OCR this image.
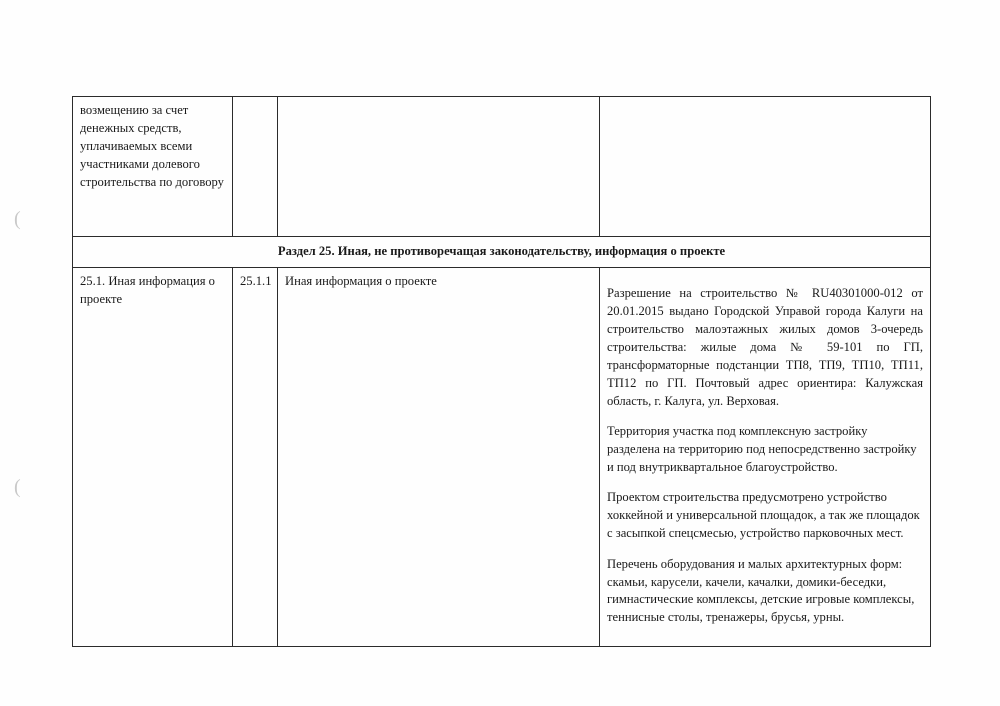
(
(
возмещению за счет денежных средств, уплачиваемых всеми участниками долевого строительства по договору			
Раздел 25. Иная, не противоречащая законодательству, информация о проекте			
25.1. Иная информация о проекте	25.1.1	Иная информация о проекте	Разрешение на строительство № RU40301000-012 от 20.01.2015 выдано Городской Управой города Калуги на строительство малоэтажных жилых домов 3-очередь строительства: жилые дома № 59-101 по ГП, трансформаторные подстанции ТП8, ТП9, ТП10, ТП11, ТП12 по ГП. Почтовый адрес ориентира: Калужская область, г. Калуга, ул. Верховая.

Территория участка под комплексную застройку разделена на территорию под непосредственно застройку и под внутриквартальное благоустройство.

Проектом строительства предусмотрено устройство хоккейной и универсальной площадок, а так же площадок с засыпкой спецсмесью, устройство парковочных мест.

Перечень оборудования и малых архитектурных форм: скамьи, карусели, качели, качалки, домики-беседки, гимнастические комплексы, детские игровые комплексы, теннисные столы, тренажеры, брусья, урны.
